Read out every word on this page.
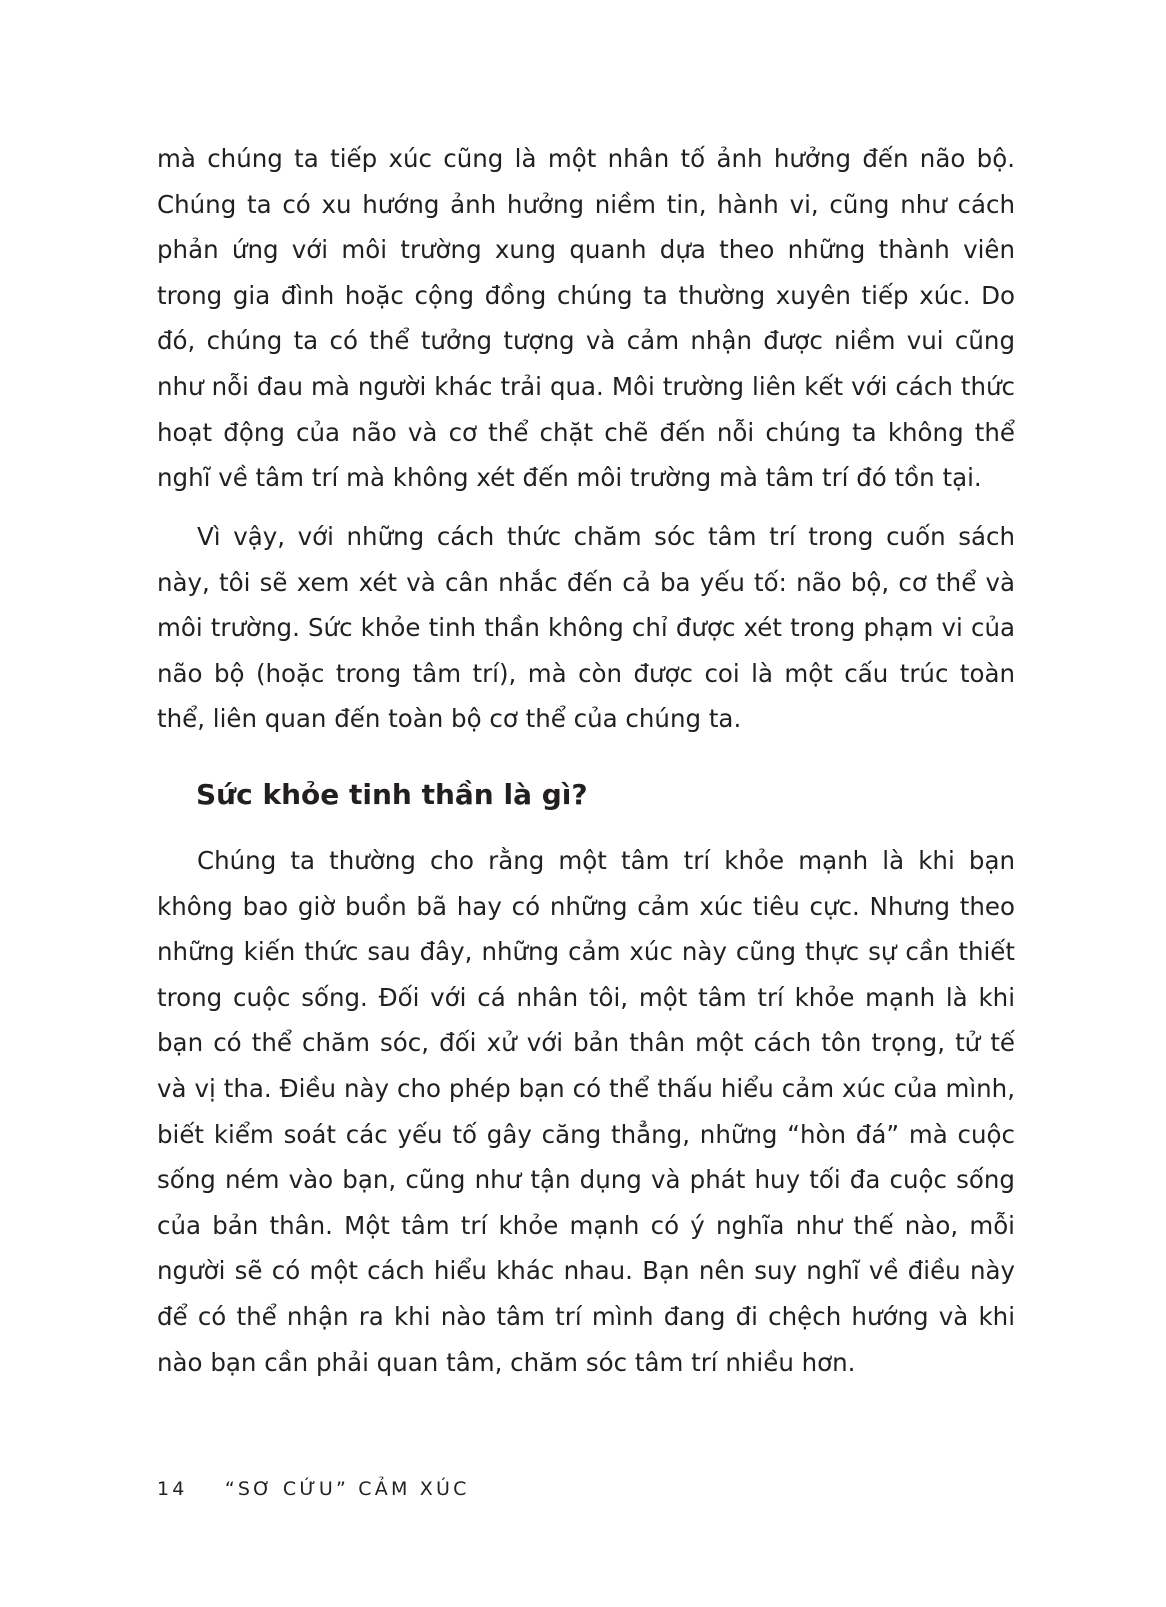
mà chúng ta tiếp xúc cũng là một nhân tố ảnh hưởng đến não bộ. Chúng ta có xu hướng ảnh hưởng niềm tin, hành vi, cũng như cách phản ứng với môi trường xung quanh dựa theo những thành viên trong gia đình hoặc cộng đồng chúng ta thường xuyên tiếp xúc. Do đó, chúng ta có thể tưởng tượng và cảm nhận được niềm vui cũng như nỗi đau mà người khác trải qua. Môi trường liên kết với cách thức hoạt động của não và cơ thể chặt chẽ đến nỗi chúng ta không thể nghĩ về tâm trí mà không xét đến môi trường mà tâm trí đó tồn tại.

Vì vậy, với những cách thức chăm sóc tâm trí trong cuốn sách này, tôi sẽ xem xét và cân nhắc đến cả ba yếu tố: não bộ, cơ thể và môi trường. Sức khỏe tinh thần không chỉ được xét trong phạm vi của não bộ (hoặc trong tâm trí), mà còn được coi là một cấu trúc toàn thể, liên quan đến toàn bộ cơ thể của chúng ta.

Sức khỏe tinh thần là gì?

Chúng ta thường cho rằng một tâm trí khỏe mạnh là khi bạn không bao giờ buồn bã hay có những cảm xúc tiêu cực. Nhưng theo những kiến thức sau đây, những cảm xúc này cũng thực sự cần thiết trong cuộc sống. Đối với cá nhân tôi, một tâm trí khỏe mạnh là khi bạn có thể chăm sóc, đối xử với bản thân một cách tôn trọng, tử tế và vị tha. Điều này cho phép bạn có thể thấu hiểu cảm xúc của mình, biết kiểm soát các yếu tố gây căng thẳng, những “hòn đá” mà cuộc sống ném vào bạn, cũng như tận dụng và phát huy tối đa cuộc sống của bản thân. Một tâm trí khỏe mạnh có ý nghĩa như thế nào, mỗi người sẽ có một cách hiểu khác nhau. Bạn nên suy nghĩ về điều này để có thể nhận ra khi nào tâm trí mình đang đi chệch hướng và khi nào bạn cần phải quan tâm, chăm sóc tâm trí nhiều hơn.

14 “SƠ CỨU” CẢM XÚC
